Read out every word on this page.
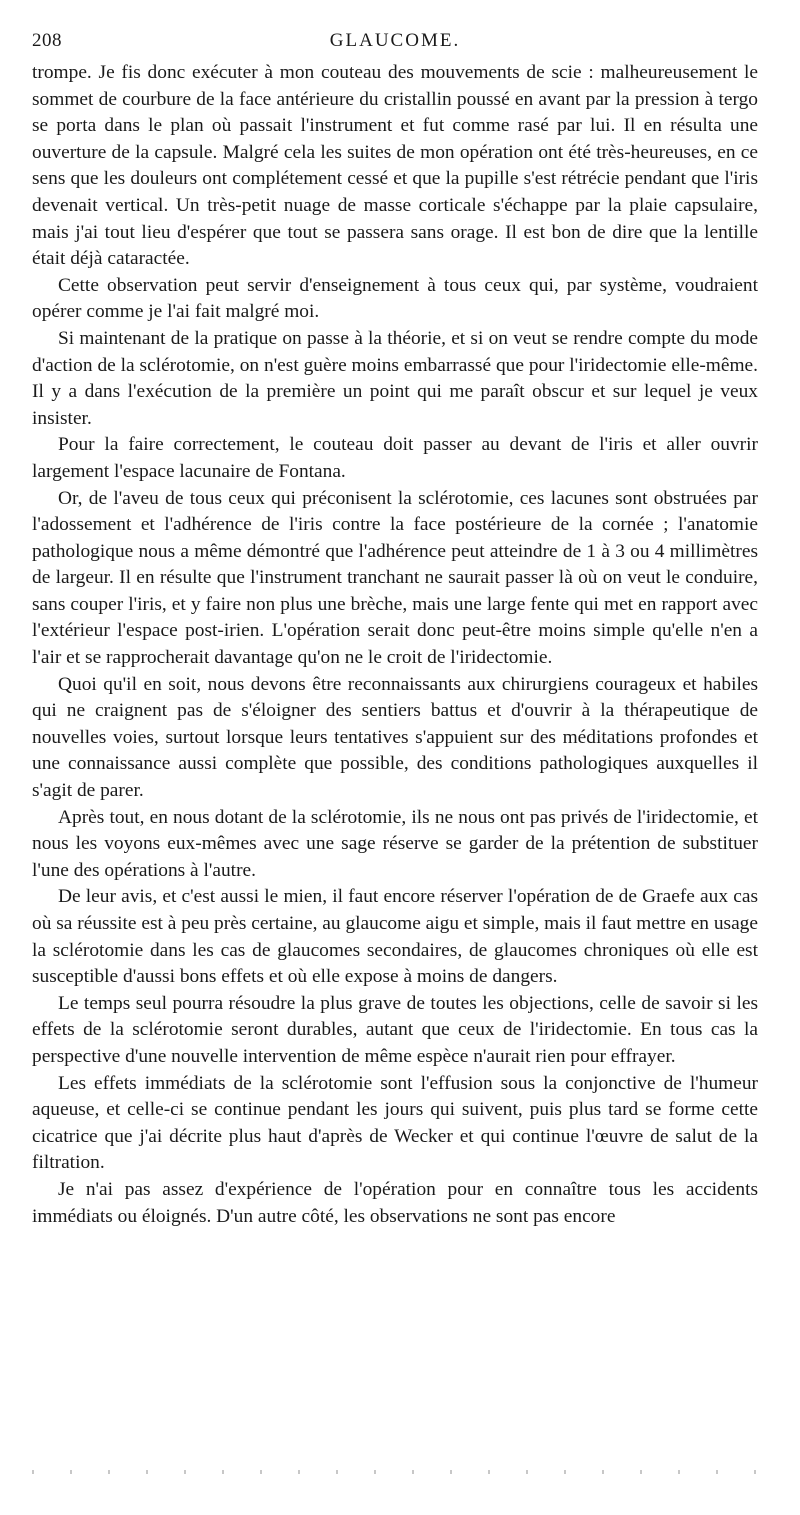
208	GLAUCOME.

trompe. Je fis donc exécuter à mon couteau des mouvements de scie : malheureusement le sommet de courbure de la face antérieure du cristallin poussé en avant par la pression à tergo se porta dans le plan où passait l'instrument et fut comme rasé par lui. Il en résulta une ouverture de la capsule. Malgré cela les suites de mon opération ont été très-heureuses, en ce sens que les douleurs ont complétement cessé et que la pupille s'est rétrécie pendant que l'iris devenait vertical. Un très-petit nuage de masse corticale s'échappe par la plaie capsulaire, mais j'ai tout lieu d'espérer que tout se passera sans orage. Il est bon de dire que la lentille était déjà cataractée.

Cette observation peut servir d'enseignement à tous ceux qui, par système, voudraient opérer comme je l'ai fait malgré moi.

Si maintenant de la pratique on passe à la théorie, et si on veut se rendre compte du mode d'action de la sclérotomie, on n'est guère moins embarrassé que pour l'iridectomie elle-même. Il y a dans l'exécution de la première un point qui me paraît obscur et sur lequel je veux insister.

Pour la faire correctement, le couteau doit passer au devant de l'iris et aller ouvrir largement l'espace lacunaire de Fontana.

Or, de l'aveu de tous ceux qui préconisent la sclérotomie, ces lacunes sont obstruées par l'adossement et l'adhérence de l'iris contre la face postérieure de la cornée ; l'anatomie pathologique nous a même démontré que l'adhérence peut atteindre de 1 à 3 ou 4 millimètres de largeur. Il en résulte que l'instrument tranchant ne saurait passer là où on veut le conduire, sans couper l'iris, et y faire non plus une brèche, mais une large fente qui met en rapport avec l'extérieur l'espace post-irien. L'opération serait donc peut-être moins simple qu'elle n'en a l'air et se rapprocherait davantage qu'on ne le croit de l'iridectomie.

Quoi qu'il en soit, nous devons être reconnaissants aux chirurgiens courageux et habiles qui ne craignent pas de s'éloigner des sentiers battus et d'ouvrir à la thérapeutique de nouvelles voies, surtout lorsque leurs tentatives s'appuient sur des méditations profondes et une connaissance aussi complète que possible, des conditions pathologiques auxquelles il s'agit de parer.

Après tout, en nous dotant de la sclérotomie, ils ne nous ont pas privés de l'iridectomie, et nous les voyons eux-mêmes avec une sage réserve se garder de la prétention de substituer l'une des opérations à l'autre.

De leur avis, et c'est aussi le mien, il faut encore réserver l'opération de de Graefe aux cas où sa réussite est à peu près certaine, au glaucome aigu et simple, mais il faut mettre en usage la sclérotomie dans les cas de glaucomes secondaires, de glaucomes chroniques où elle est susceptible d'aussi bons effets et où elle expose à moins de dangers.

Le temps seul pourra résoudre la plus grave de toutes les objections, celle de savoir si les effets de la sclérotomie seront durables, autant que ceux de l'iridectomie. En tous cas la perspective d'une nouvelle intervention de même espèce n'aurait rien pour effrayer.

Les effets immédiats de la sclérotomie sont l'effusion sous la conjonctive de l'humeur aqueuse, et celle-ci se continue pendant les jours qui suivent, puis plus tard se forme cette cicatrice que j'ai décrite plus haut d'après de Wecker et qui continue l'œuvre de salut de la filtration.

Je n'ai pas assez d'expérience de l'opération pour en connaître tous les accidents immédiats ou éloignés. D'un autre côté, les observations ne sont pas encore
